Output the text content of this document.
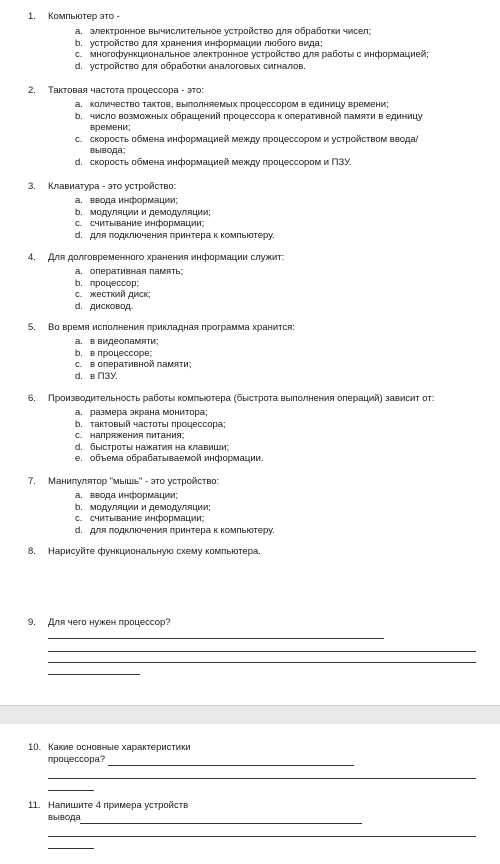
1.	Компьютер это -
a. электронное вычислительное устройство для обработки чисел;
b. устройство для хранения информации любого вида;
c. многофункциональное электронное устройство для работы с информацией;
d. устройство для обработки аналоговых сигналов.
2.	Тактовая частота процессора - это:
a. количество тактов, выполняемых процессором в единицу времени;
b. число возможных обращений процессора к оперативной памяти в единицу времени;
c. скорость обмена информацией между процессором и устройством ввода/вывода;
d. скорость обмена информацией между процессором и ПЗУ.
3.	Клавиатура - это устройство:
a. ввода информации;
b. модуляции и демодуляции;
c. считывание информации;
d. для подключения принтера к компьютеру.
4.	Для долговременного хранения информации служит:
a. оперативная память;
b. процессор;
c. жесткий диск;
d. дисковод.
5.	Во время исполнения прикладная программа хранится:
a. в видеопамяти;
b. в процессоре;
c. в оперативной памяти;
d. в ПЗУ.
6.	Производительность работы компьютера (быстрота выполнения операций) зависит от:
a. размера экрана монитора;
b. тактовый частоты процессора;
c. напряжения питания;
d. быстроты нажатия на клавиши;
e. объема обрабатываемой информации.
7.	Манипулятор "мышь" - это устройство:
a. ввода информации;
b. модуляции и демодуляции;
c. считывание информации;
d. для подключения принтера к компьютеру.
8.	Нарисуйте функциональную схему компьютера.
9.	Для чего нужен процессор?
10. Какие основные характеристики процессора?
11. Напишите 4 примера устройств вывода
